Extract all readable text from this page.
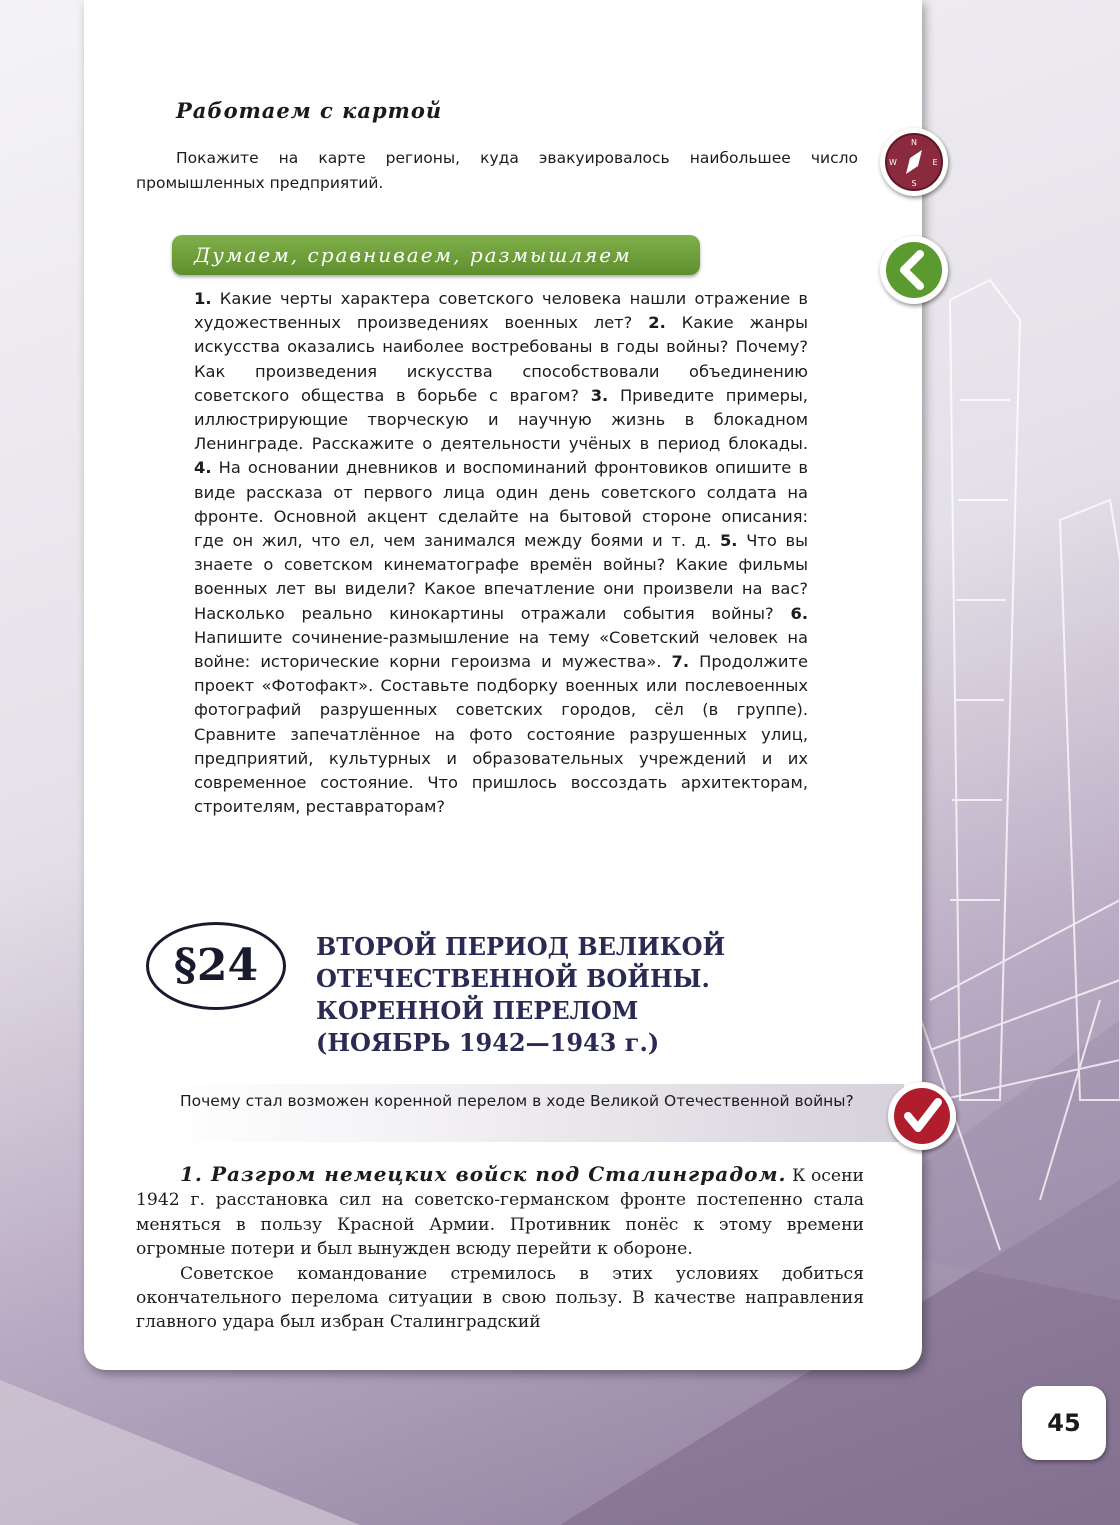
Работаем с картой

Покажите на карте регионы, куда эвакуировалось наибольшее число промышленных предприятий.

N
S
W	E
Думаем, сравниваем, размышляем

1. Какие черты характера советского человека нашли отражение в художественных произведениях военных лет? 2. Какие жанры искусства оказались наиболее востребованы в годы войны? Почему? Как произведения искусства способствовали объединению советского общества в борьбе с врагом? 3. Приведите примеры, иллюстрирующие творческую и научную жизнь в блокадном Ленинграде. Расскажите о деятельности учёных в период блокады. 4. На основании дневников и воспоминаний фронтовиков опишите в виде рассказа от первого лица один день советского солдата на фронте. Основной акцент сделайте на бытовой стороне описания: где он жил, что ел, чем занимался между боями и т. д. 5. Что вы знаете о советском кинематографе времён войны? Какие фильмы военных лет вы видели? Какое впечатление они произвели на вас? Насколько реально кинокартины отражали события войны? 6. Напишите сочинение-размышление на тему «Советский человек на войне: исторические корни героизма и мужества». 7. Продолжите проект «Фотофакт». Составьте подборку военных или послевоенных фотографий разрушенных советских городов, сёл (в группе). Сравните запечатлённое на фото состояние разрушенных улиц, предприятий, культурных и образовательных учреждений и их современное состояние. Что пришлось воссоздать архитекторам, строителям, реставраторам?

§24	ВТОРОЙ ПЕРИОД ВЕЛИКОЙ
ОТЕЧЕСТВЕННОЙ ВОЙНЫ.
КОРЕННОЙ ПЕРЕЛОМ
(НОЯБРЬ 1942—1943 г.)

Почему стал возможен коренной перелом в ходе Великой Отечественной войны?

1. Разгром немецких войск под Сталинградом. К осени 1942 г. расстановка сил на советско-германском фронте постепенно стала меняться в пользу Красной Армии. Противник понёс к этому времени огромные потери и был вынужден всюду перейти к обороне.

Советское командование стремилось в этих условиях добиться окончательного перелома ситуации в свою пользу. В качестве направления главного удара был избран Сталинградский

45
